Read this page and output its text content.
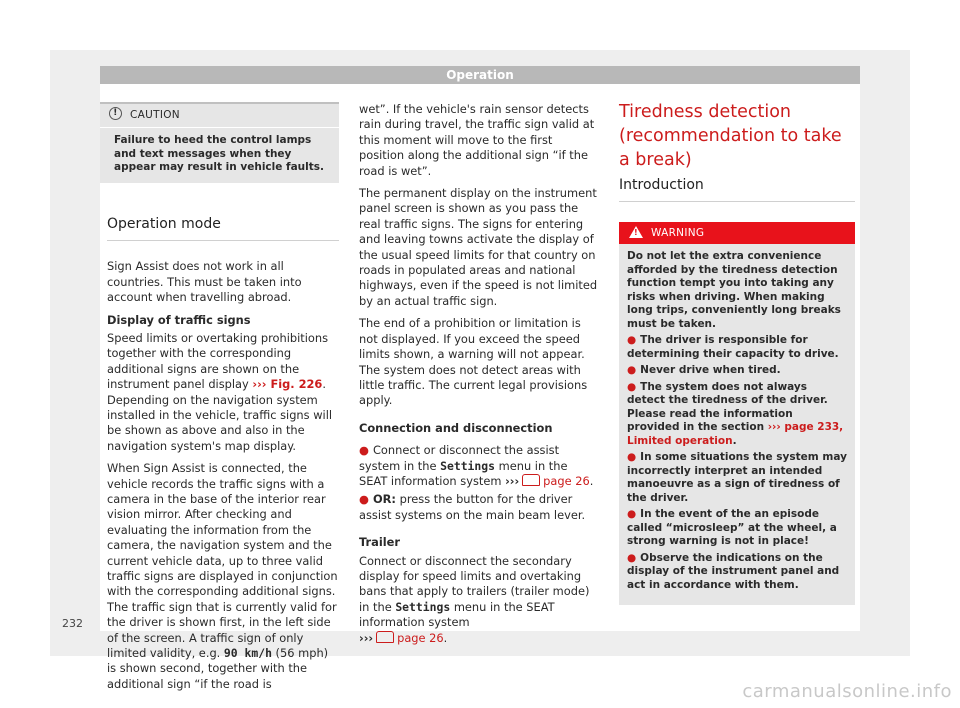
Operation
!	CAUTION
Failure to heed the control lamps and text messages when they appear may result in vehicle faults.
Operation mode

Sign Assist does not work in all countries. This must be taken into account when travelling abroad.

Display of traffic signs

Speed limits or overtaking prohibitions together with the corresponding additional signs are shown on the instrument panel display ››› Fig. 226. Depending on the navigation system installed in the vehicle, traffic signs will be shown as above and also in the navigation system's map display.

When Sign Assist is connected, the vehicle records the traffic signs with a camera in the base of the interior rear vision mirror. After checking and evaluating the information from the camera, the navigation system and the current vehicle data, up to three valid traffic signs are displayed in conjunction with the corresponding additional signs. The traffic sign that is currently valid for the driver is shown first, in the left side of the screen. A traffic sign of only limited validity, e.g. 90 km/h (56 mph) is shown second, together with the additional sign “if the road is

wet”. If the vehicle's rain sensor detects rain during travel, the traffic sign valid at this moment will move to the first position along the additional sign “if the road is wet”.

The permanent display on the instrument panel screen is shown as you pass the real traffic signs. The signs for entering and leaving towns activate the display of the usual speed limits for that country on roads in populated areas and national highways, even if the speed is not limited by an actual traffic sign.

The end of a prohibition or limitation is not displayed. If you exceed the speed limits shown, a warning will not appear. The system does not detect areas with little traffic. The current legal provisions apply.

Connection and disconnection

● Connect or disconnect the assist system in the Settings menu in the SEAT information system ››› page 26.

● OR: press the button for the driver assist systems on the main beam lever.

Trailer

Connect or disconnect the secondary display for speed limits and overtaking bans that apply to trailers (trailer mode) in the Settings menu in the SEAT information system
››› page 26.

Tiredness detection (recommendation to take a break)
Introduction
! WARNING

Do not let the extra convenience afforded by the tiredness detection function tempt you into taking any risks when driving. When making long trips, conveniently long breaks must be taken.

● The driver is responsible for determining their capacity to drive.

● Never drive when tired.

● The system does not always detect the tiredness of the driver. Please read the information provided in the section ››› page 233, Limited operation.

● In some situations the system may incorrectly interpret an intended manoeuvre as a sign of tiredness of the driver.

● In the event of the an episode called “microsleep” at the wheel, a strong warning is not in place!

● Observe the indications on the display of the instrument panel and act in accordance with them.

232
carmanualsonline.info
